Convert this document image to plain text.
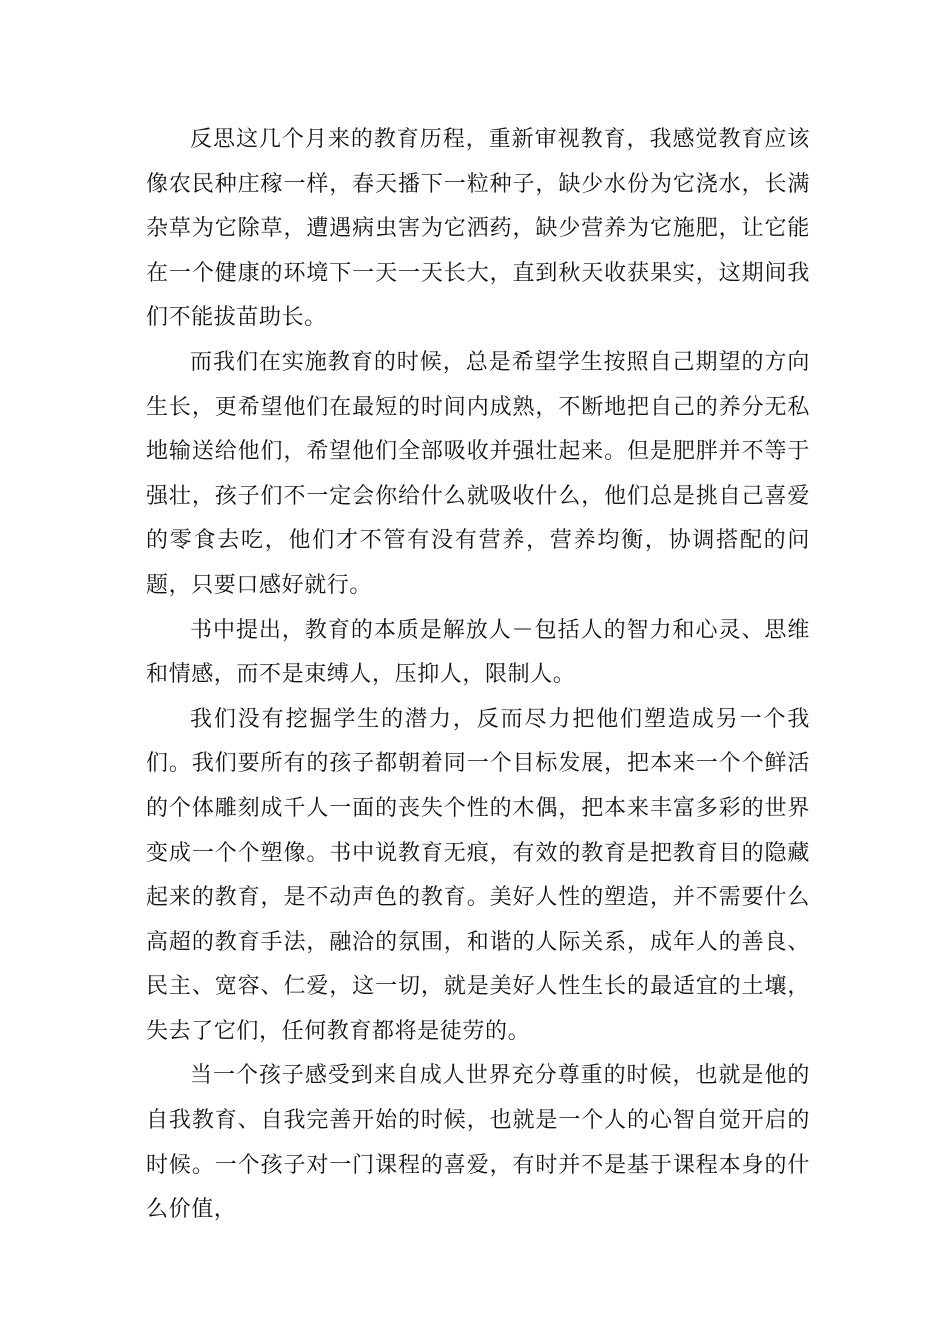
反思这几个月来的教育历程，重新审视教育，我感觉教育应该像农民种庄稼一样，春天播下一粒种子，缺少水份为它浇水，长满杂草为它除草，遭遇病虫害为它洒药，缺少营养为它施肥，让它能在一个健康的环境下一天一天长大，直到秋天收获果实，这期间我们不能拔苗助长。

而我们在实施教育的时候，总是希望学生按照自己期望的方向生长，更希望他们在最短的时间内成熟，不断地把自己的养分无私地输送给他们，希望他们全部吸收并强壮起来。但是肥胖并不等于强壮，孩子们不一定会你给什么就吸收什么，他们总是挑自己喜爱的零食去吃，他们才不管有没有营养，营养均衡，协调搭配的问题，只要口感好就行。

书中提出，教育的本质是解放人－包括人的智力和心灵、思维和情感，而不是束缚人，压抑人，限制人。

我们没有挖掘学生的潜力，反而尽力把他们塑造成另一个我们。我们要所有的孩子都朝着同一个目标发展，把本来一个个鲜活的个体雕刻成千人一面的丧失个性的木偶，把本来丰富多彩的世界变成一个个塑像。书中说教育无痕，有效的教育是把教育目的隐藏起来的教育，是不动声色的教育。美好人性的塑造，并不需要什么高超的教育手法，融洽的氛围，和谐的人际关系，成年人的善良、民主、宽容、仁爱，这一切，就是美好人性生长的最适宜的土壤，失去了它们，任何教育都将是徒劳的。

当一个孩子感受到来自成人世界充分尊重的时候，也就是他的自我教育、自我完善开始的时候，也就是一个人的心智自觉开启的时候。一个孩子对一门课程的喜爱，有时并不是基于课程本身的什么价值，
